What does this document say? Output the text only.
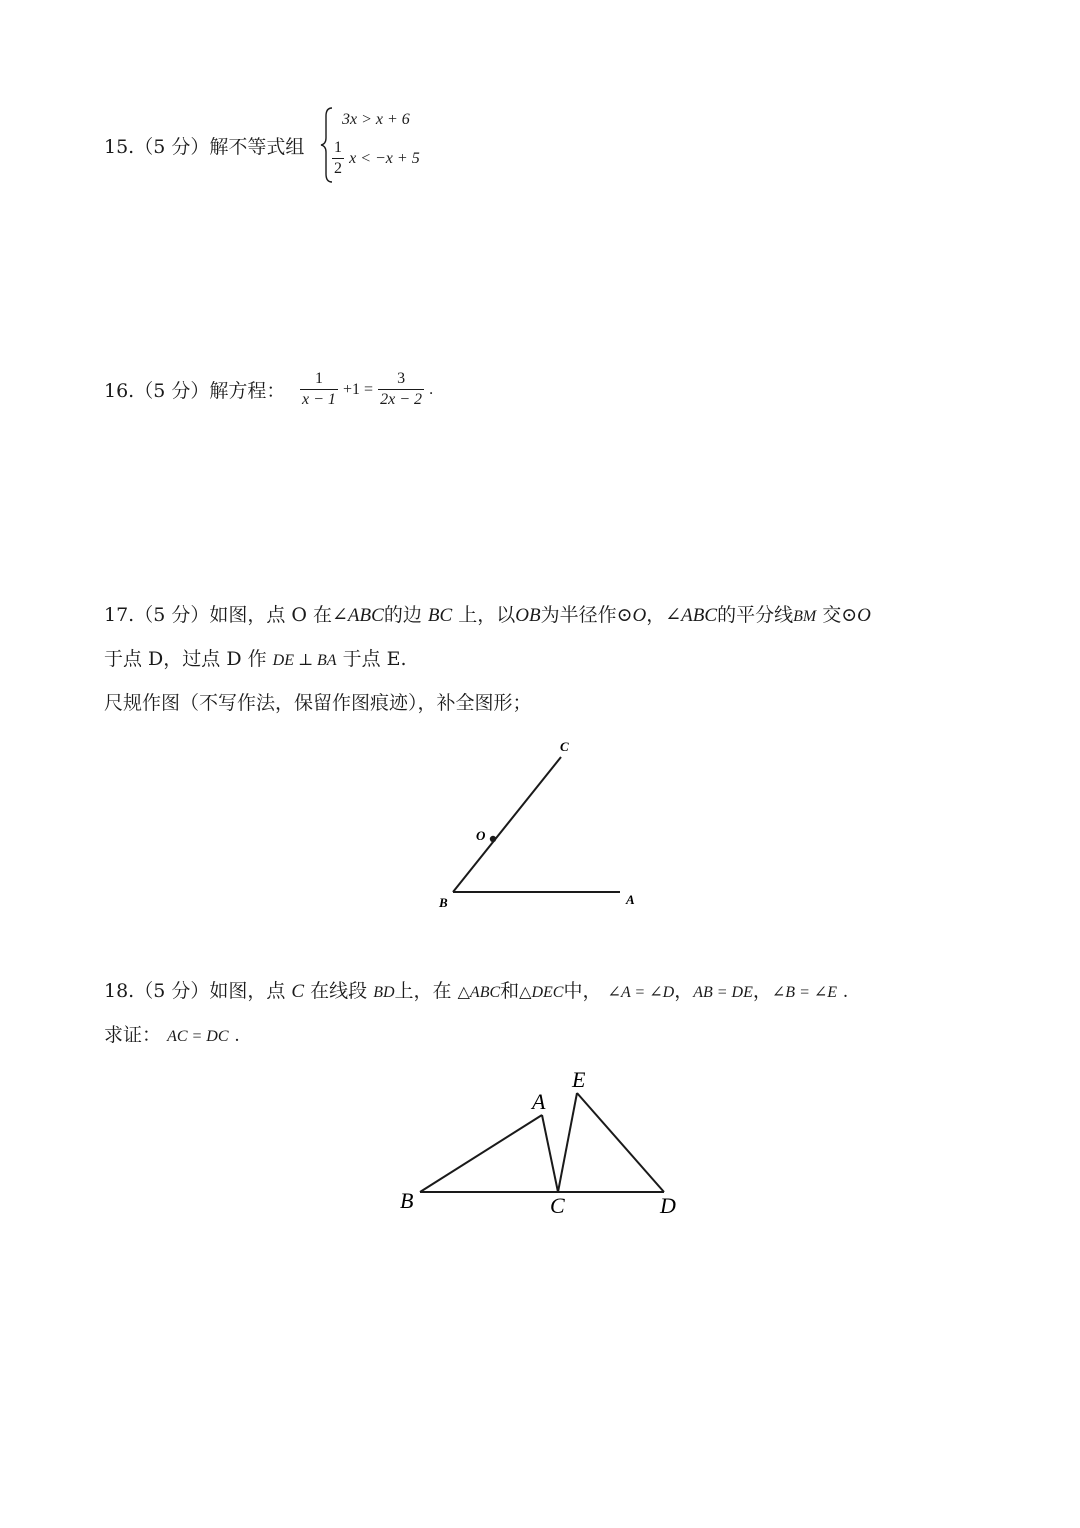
15.（5 分）解不等式组
3x > x + 6
$\frac{1}{2}$ x < −x + 5
16.（5 分）解方程： $\frac{1}{x - 1} +1 = \frac{3}{2x - 2}$ .
17.（5 分）如图，点 O 在∠ABC的边 BC 上，以OB为半径作⊙O，∠ABC的平分线BM 交⊙O
于点 D，过点 D 作 DE ⊥ BA 于点 E.
尺规作图（不写作法，保留作图痕迹），补全图形；
C
O
B	A
18.（5 分）如图，点 C 在线段 BD上，在 △ABC和△DEC中， ∠A = ∠D，AB = DE，∠B = ∠E .
求证： AC = DC .
E
A
B	C	D
